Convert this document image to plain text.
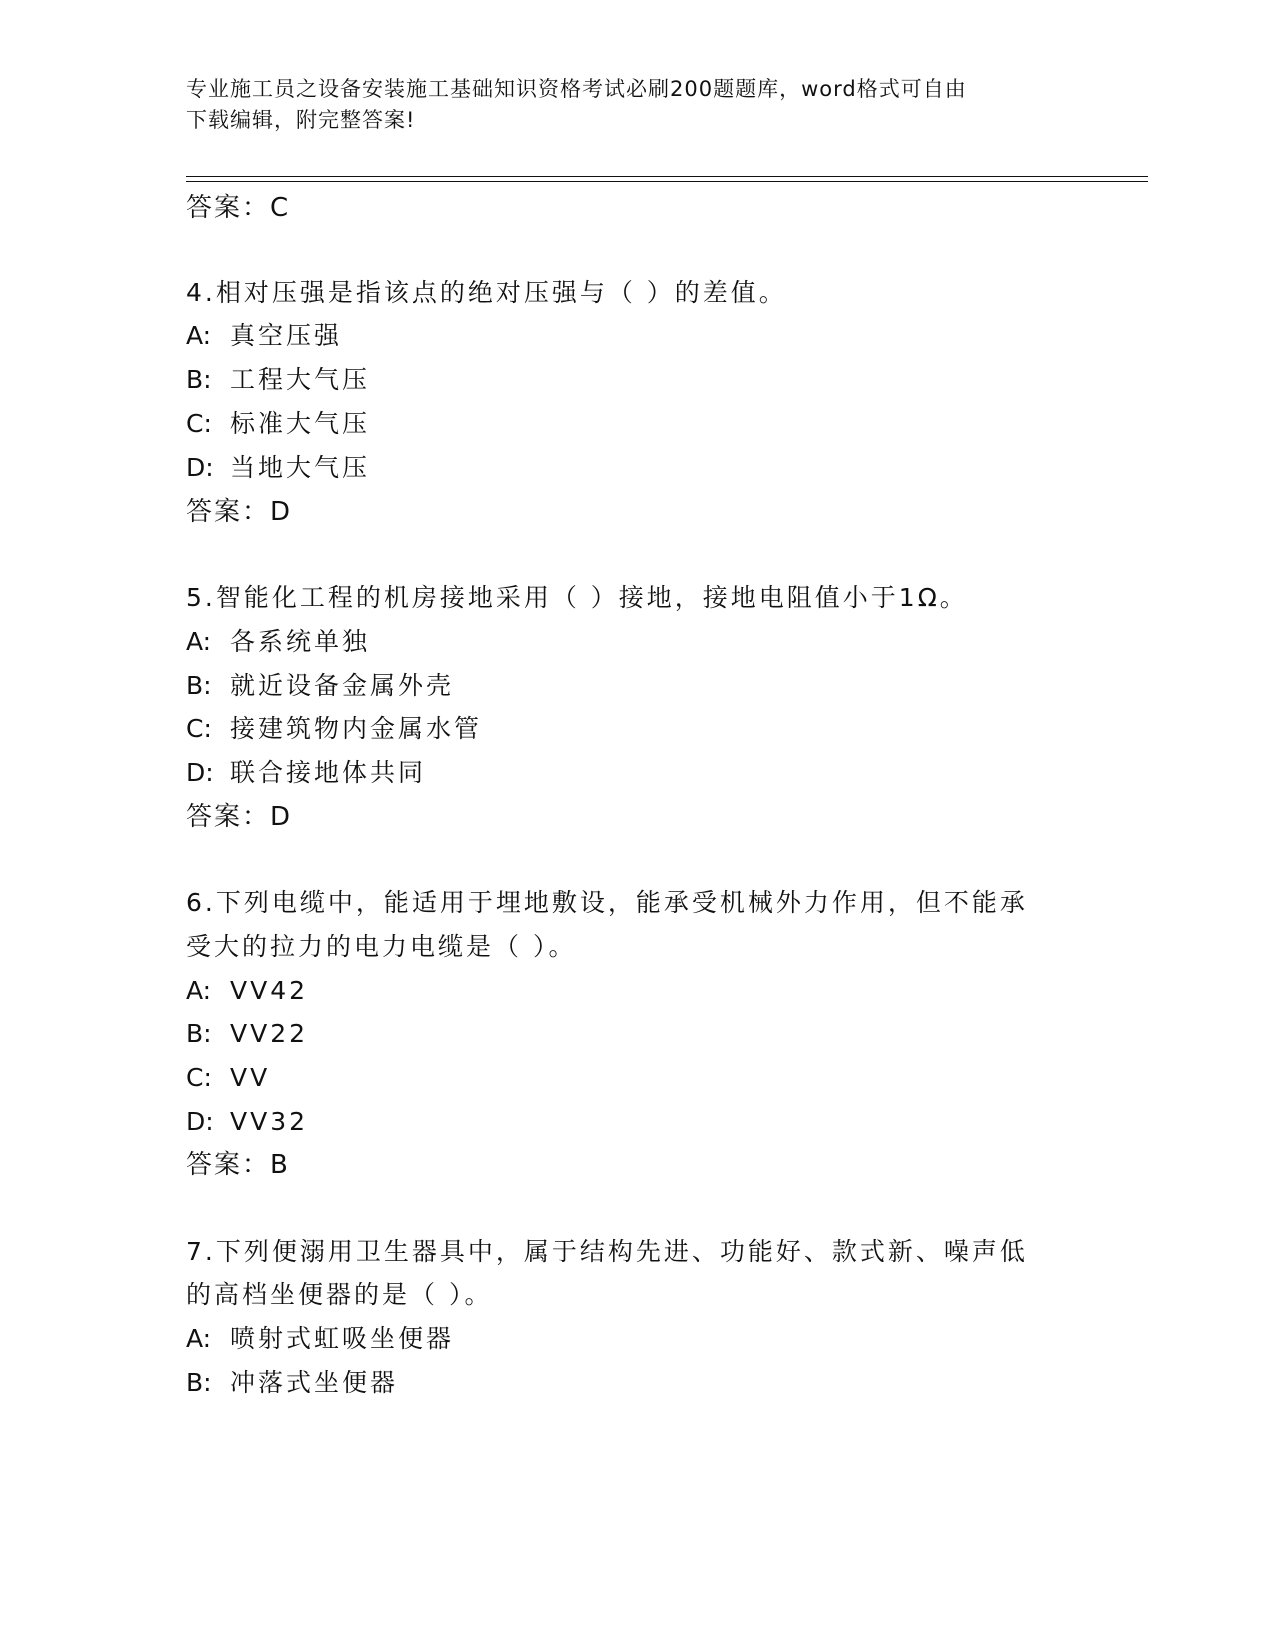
专业施工员之设备安装施工基础知识资格考试必刷200题题库，word格式可自由
下载编辑，附完整答案!
答案：C
4.相对压强是指该点的绝对压强与（ ）的差值。
A: 真空压强
B: 工程大气压
C: 标准大气压
D: 当地大气压
答案：D
5.智能化工程的机房接地采用（ ）接地，接地电阻值小于1Ω。
A: 各系统单独
B: 就近设备金属外壳
C: 接建筑物内金属水管
D: 联合接地体共同
答案：D
6.下列电缆中，能适用于埋地敷设，能承受机械外力作用，但不能承
受大的拉力的电力电缆是（ ）。
A: VV42
B: VV22
C: VV
D: VV32
答案：B
7.下列便溺用卫生器具中，属于结构先进、功能好、款式新、噪声低
的高档坐便器的是（ ）。
A: 喷射式虹吸坐便器
B: 冲落式坐便器
